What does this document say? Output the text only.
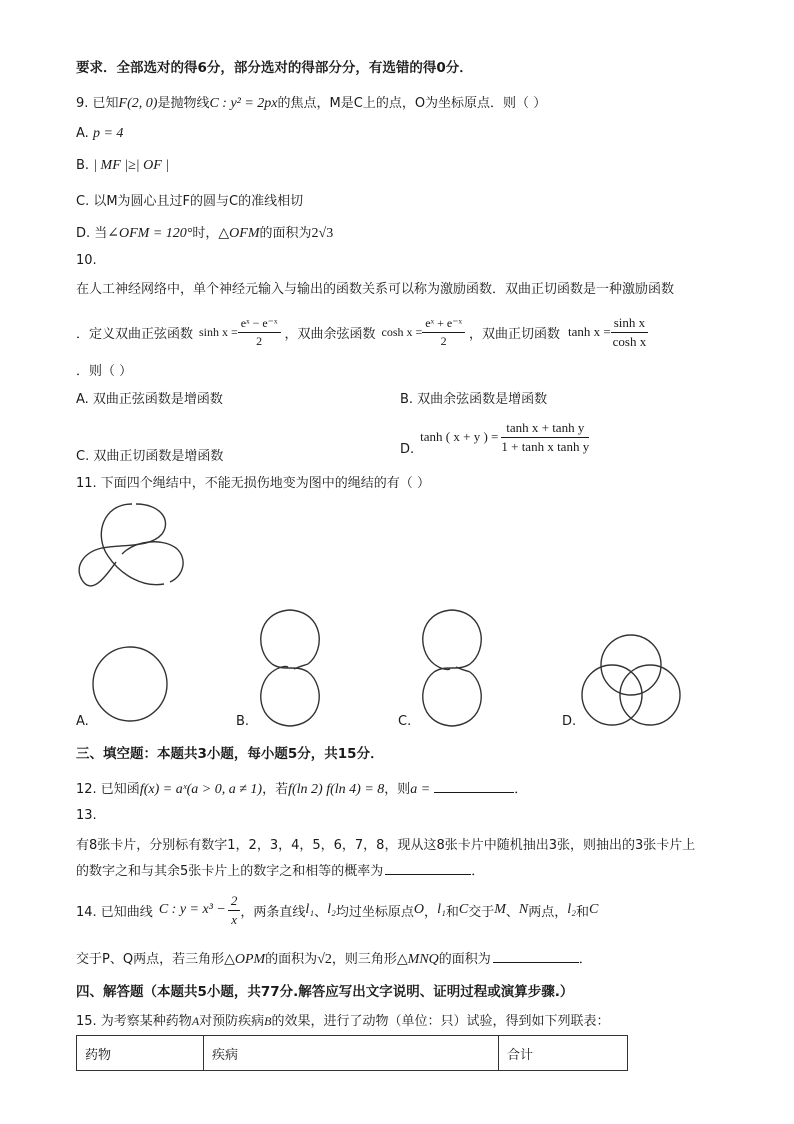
要求．全部选对的得6分，部分选对的得部分分，有选错的得0分．
9. 已知F(2, 0)是抛物线C : y² = 2px的焦点，M是C上的点，O为坐标原点．则（ ）
A. p = 4
B. | MF |≥| OF |
C. 以M为圆心且过F的圆与C的准线相切
D. 当∠OFM = 120°时，△OFM的面积为2√3
10.
在人工神经网络中，单个神经元输入与输出的函数关系可以称为激励函数．双曲正切函数是一种激励函数
．定义双曲正弦函数 $\sinh x = \frac{\text{eˣ − e⁻ˣ}}{2}$ ，双曲余弦函数 $\cosh x = \frac{\text{eˣ + e⁻ˣ}}{2}$ ，双曲正切函数 $\tanh x = \frac{\text{sinh x}}{\text{cosh x}}$
．则（ ）
A. 双曲正弦函数是增函数	B. 双曲余弦函数是增函数
C. 双曲正切函数是增函数	D.
tanh ( x + y ) = $\frac{\text{tanh x + tanh y}}{\text{1 + tanh x tanh y}}$
11. 下面四个绳结中，不能无损伤地变为图中的绳结的有（ ）
A.	B.	C.	D.
三、填空题：本题共3小题，每小题5分，共15分．
12. 已知函f(x) = aˣ(a > 0, a ≠ 1)，若f(ln 2) f(ln 4) = 8，则a =	．
13.
有8张卡片，分别标有数字1，2，3，4，5，6，7，8，现从这8张卡片中随机抽出3张，则抽出的3张卡片上
的数字之和与其余5张卡片上的数字之和相等的概率为	．
14. 已知曲线 C : $y = x^3 - \frac{2}{x}$ ，两条直线 l₁ 、 l₂ 均过坐标原点 O ， l₁ 和 C 交于 M 、 N 两点， l₂ 和 C
交于P、Q两点，若三角形△OPM的面积为√2，则三角形△MNQ的面积为	．
四、解答题（本题共5小题，共77分.解答应写出文字说明、证明过程或演算步骤.）
15. 为考察某种药物A对预防疾病B的效果，进行了动物（单位：只）试验，得到如下列联表：
药物	疾病	合计
